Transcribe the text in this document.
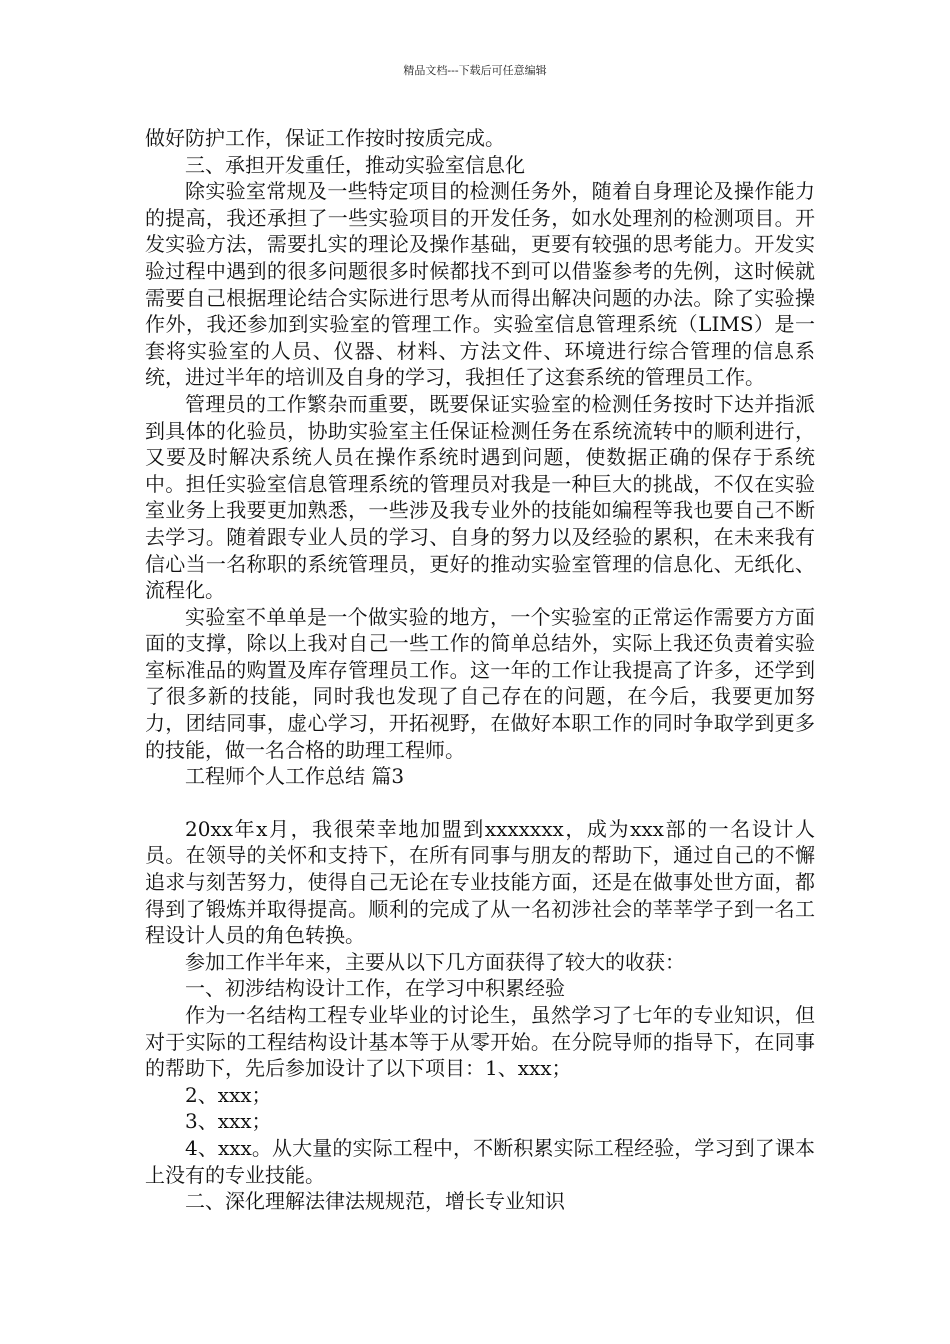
精品文档---下载后可任意编辑

做好防护工作，保证工作按时按质完成。

三、承担开发重任，推动实验室信息化

除实验室常规及一些特定项目的检测任务外，随着自身理论及操作能力的提高，我还承担了一些实验项目的开发任务，如水处理剂的检测项目。开发实验方法，需要扎实的理论及操作基础，更要有较强的思考能力。开发实验过程中遇到的很多问题很多时候都找不到可以借鉴参考的先例，这时候就需要自己根据理论结合实际进行思考从而得出解决问题的办法。除了实验操作外，我还参加到实验室的管理工作。实验室信息管理系统（LIMS）是一套将实验室的人员、仪器、材料、方法文件、环境进行综合管理的信息系统，进过半年的培训及自身的学习，我担任了这套系统的管理员工作。

管理员的工作繁杂而重要，既要保证实验室的检测任务按时下达并指派到具体的化验员，协助实验室主任保证检测任务在系统流转中的顺利进行，又要及时解决系统人员在操作系统时遇到问题，使数据正确的保存于系统中。担任实验室信息管理系统的管理员对我是一种巨大的挑战，不仅在实验室业务上我要更加熟悉，一些涉及我专业外的技能如编程等我也要自己不断去学习。随着跟专业人员的学习、自身的努力以及经验的累积，在未来我有信心当一名称职的系统管理员，更好的推动实验室管理的信息化、无纸化、流程化。

实验室不单单是一个做实验的地方，一个实验室的正常运作需要方方面面的支撑，除以上我对自己一些工作的简单总结外，实际上我还负责着实验室标准品的购置及库存管理员工作。这一年的工作让我提高了许多，还学到了很多新的技能，同时我也发现了自己存在的问题，在今后，我要更加努力，团结同事，虚心学习，开拓视野，在做好本职工作的同时争取学到更多的技能，做一名合格的助理工程师。

工程师个人工作总结 篇3

20xx年x月，我很荣幸地加盟到xxxxxxx，成为xxx部的一名设计人员。在领导的关怀和支持下，在所有同事与朋友的帮助下，通过自己的不懈追求与刻苦努力，使得自己无论在专业技能方面，还是在做事处世方面，都得到了锻炼并取得提高。顺利的完成了从一名初涉社会的莘莘学子到一名工程设计人员的角色转换。

参加工作半年来，主要从以下几方面获得了较大的收获：

一、初涉结构设计工作，在学习中积累经验

作为一名结构工程专业毕业的讨论生，虽然学习了七年的专业知识，但对于实际的工程结构设计基本等于从零开始。在分院导师的指导下，在同事的帮助下，先后参加设计了以下项目：1、xxx；

2、xxx；

3、xxx；

4、xxx。从大量的实际工程中，不断积累实际工程经验，学习到了课本上没有的专业技能。

二、深化理解法律法规规范，增长专业知识
